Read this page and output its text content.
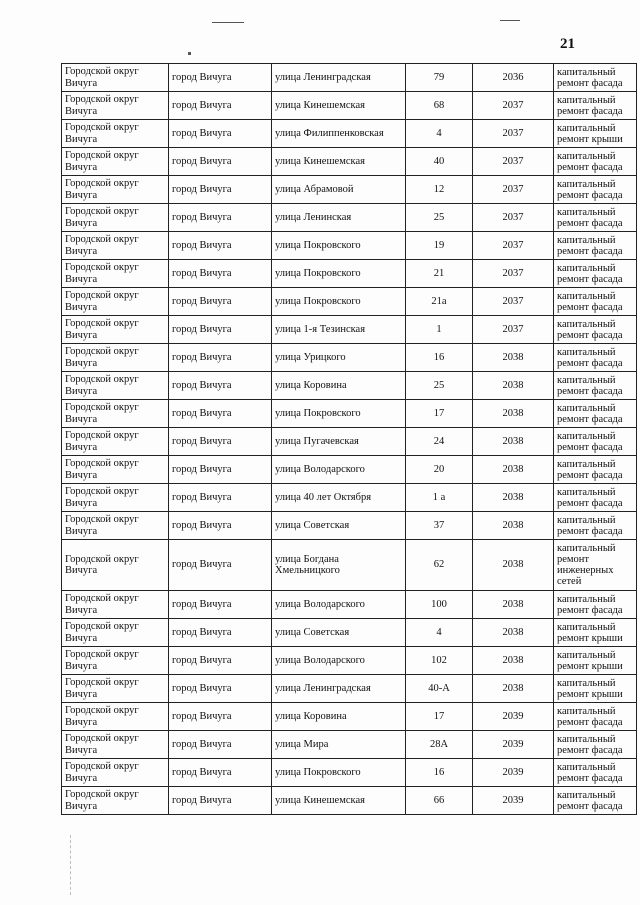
21
Городской округ Вичуга	город Вичуга	улица Ленинградская	79	2036	капитальный ремонт фасада
Городской округ Вичуга	город Вичуга	улица Кинешемская	68	2037	капитальный ремонт фасада
Городской округ Вичуга	город Вичуга	улица Филиппенковская	4	2037	капитальный ремонт крыши
Городской округ Вичуга	город Вичуга	улица Кинешемская	40	2037	капитальный ремонт фасада
Городской округ Вичуга	город Вичуга	улица Абрамовой	12	2037	капитальный ремонт фасада
Городской округ Вичуга	город Вичуга	улица Ленинская	25	2037	капитальный ремонт фасада
Городской округ Вичуга	город Вичуга	улица Покровского	19	2037	капитальный ремонт фасада
Городской округ Вичуга	город Вичуга	улица Покровского	21	2037	капитальный ремонт фасада
Городской округ Вичуга	город Вичуга	улица Покровского	21а	2037	капитальный ремонт фасада
Городской округ Вичуга	город Вичуга	улица 1-я Тезинская	1	2037	капитальный ремонт фасада
Городской округ Вичуга	город Вичуга	улица Урицкого	16	2038	капитальный ремонт фасада
Городской округ Вичуга	город Вичуга	улица Коровина	25	2038	капитальный ремонт фасада
Городской округ Вичуга	город Вичуга	улица Покровского	17	2038	капитальный ремонт фасада
Городской округ Вичуга	город Вичуга	улица Пугачевская	24	2038	капитальный ремонт фасада
Городской округ Вичуга	город Вичуга	улица Володарского	20	2038	капитальный ремонт фасада
Городской округ Вичуга	город Вичуга	улица 40 лет Октября	1 а	2038	капитальный ремонт фасада
Городской округ Вичуга	город Вичуга	улица Советская	37	2038	капитальный ремонт фасада
Городской округ Вичуга	город Вичуга	улица Богдана Хмельницкого	62	2038	капитальный ремонт инженерных сетей
Городской округ Вичуга	город Вичуга	улица Володарского	100	2038	капитальный ремонт фасада
Городской округ Вичуга	город Вичуга	улица Советская	4	2038	капитальный ремонт крыши
Городской округ Вичуга	город Вичуга	улица Володарского	102	2038	капитальный ремонт крыши
Городской округ Вичуга	город Вичуга	улица Ленинградская	40-А	2038	капитальный ремонт крыши
Городской округ Вичуга	город Вичуга	улица Коровина	17	2039	капитальный ремонт фасада
Городской округ Вичуга	город Вичуга	улица Мира	28А	2039	капитальный ремонт фасада
Городской округ Вичуга	город Вичуга	улица Покровского	16	2039	капитальный ремонт фасада
Городской округ Вичуга	город Вичуга	улица Кинешемская	66	2039	капитальный ремонт фасада
